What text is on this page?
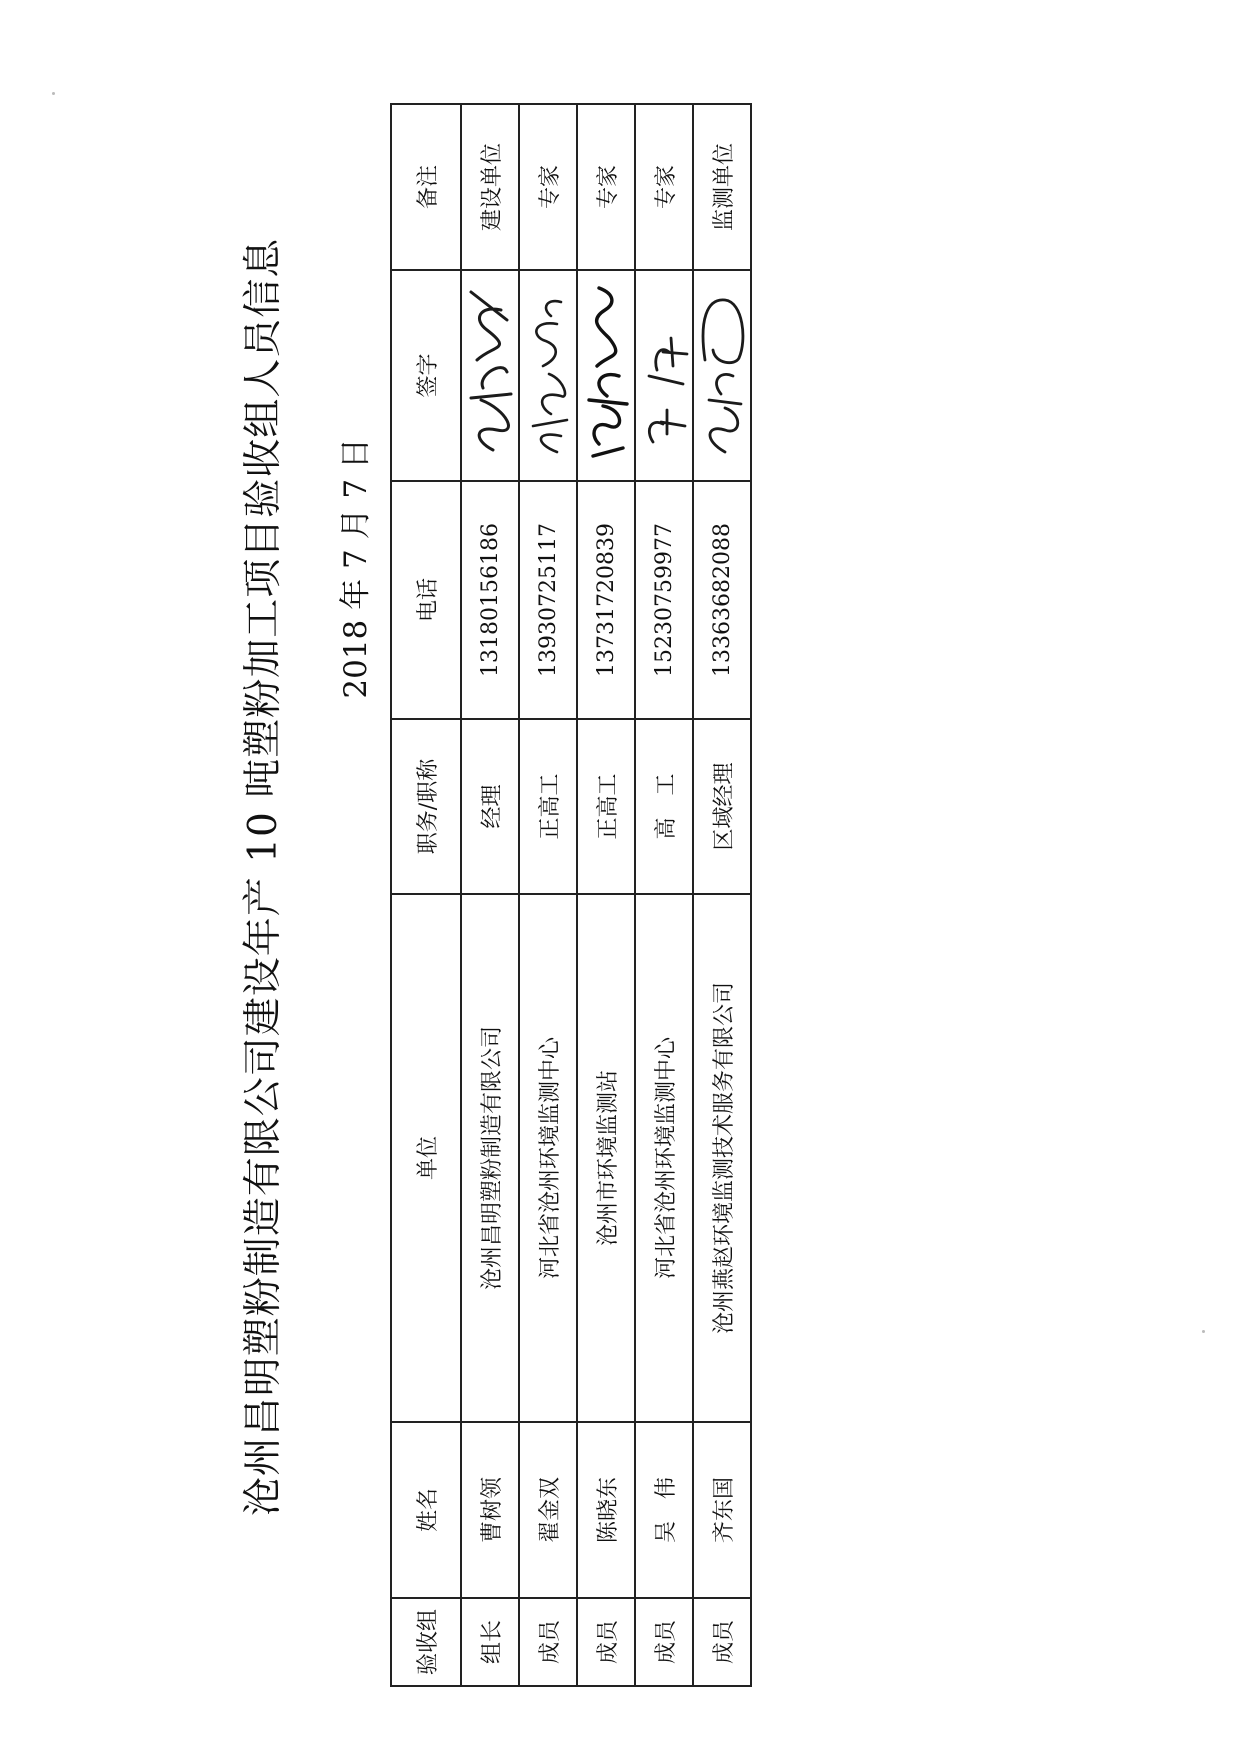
沧州昌明塑粉制造有限公司建设年产 10 吨塑粉加工项目验收组人员信息 2018 年 7 月 7 日
验收组	姓名	单位	职务/职称	电话	签字	备注
组长	曹树领	沧州昌明塑粉制造有限公司	经理	13180156186		建设单位
成员	翟金双	河北省沧州环境监测中心	正高工	13930725117		专家
成员	陈晓东	沧州市环境监测站	正高工	13731720839		专家
成员	吴　伟	河北省沧州环境监测中心	高　工	15230759977		专家
成员	齐东国	沧州燕赵环境监测技术服务有限公司	区域经理	13363682088		监测单位
